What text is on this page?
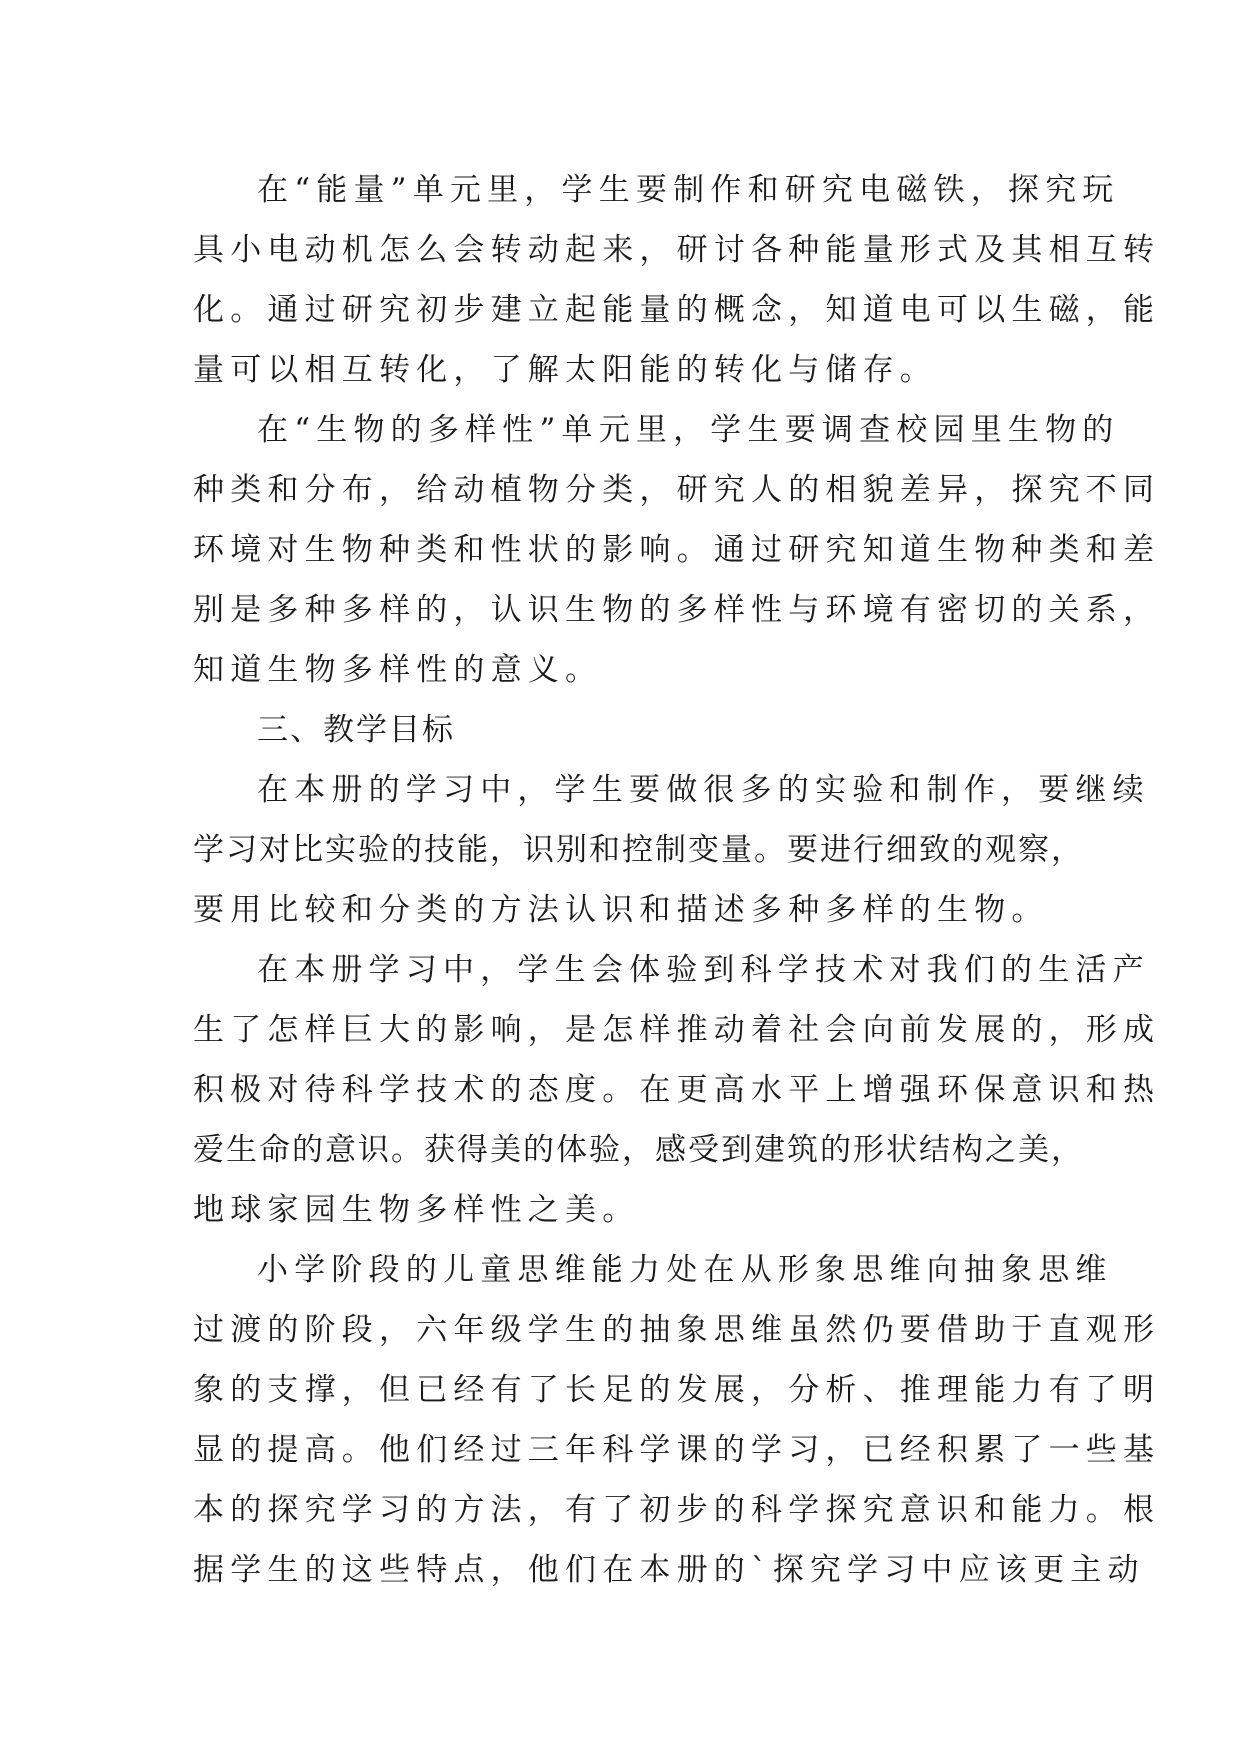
在“能量”单元里，学生要制作和研究电磁铁，探究玩
具小电动机怎么会转动起来，研讨各种能量形式及其相互转
化。通过研究初步建立起能量的概念，知道电可以生磁，能
量可以相互转化，了解太阳能的转化与储存。
在“生物的多样性”单元里，学生要调查校园里生物的
种类和分布，给动植物分类，研究人的相貌差异，探究不同
环境对生物种类和性状的影响。通过研究知道生物种类和差
别是多种多样的，认识生物的多样性与环境有密切的关系，
知道生物多样性的意义。
三、教学目标
在本册的学习中，学生要做很多的实验和制作，要继续
学习对比实验的技能，识别和控制变量。要进行细致的观察，
要用比较和分类的方法认识和描述多种多样的生物。
在本册学习中，学生会体验到科学技术对我们的生活产
生了怎样巨大的影响，是怎样推动着社会向前发展的，形成
积极对待科学技术的态度。在更高水平上增强环保意识和热
爱生命的意识。获得美的体验，感受到建筑的形状结构之美，
地球家园生物多样性之美。
小学阶段的儿童思维能力处在从形象思维向抽象思维
过渡的阶段，六年级学生的抽象思维虽然仍要借助于直观形
象的支撑，但已经有了长足的发展，分析、推理能力有了明
显的提高。他们经过三年科学课的学习，已经积累了一些基
本的探究学习的方法，有了初步的科学探究意识和能力。根
据学生的这些特点，他们在本册的`探究学习中应该更主动
